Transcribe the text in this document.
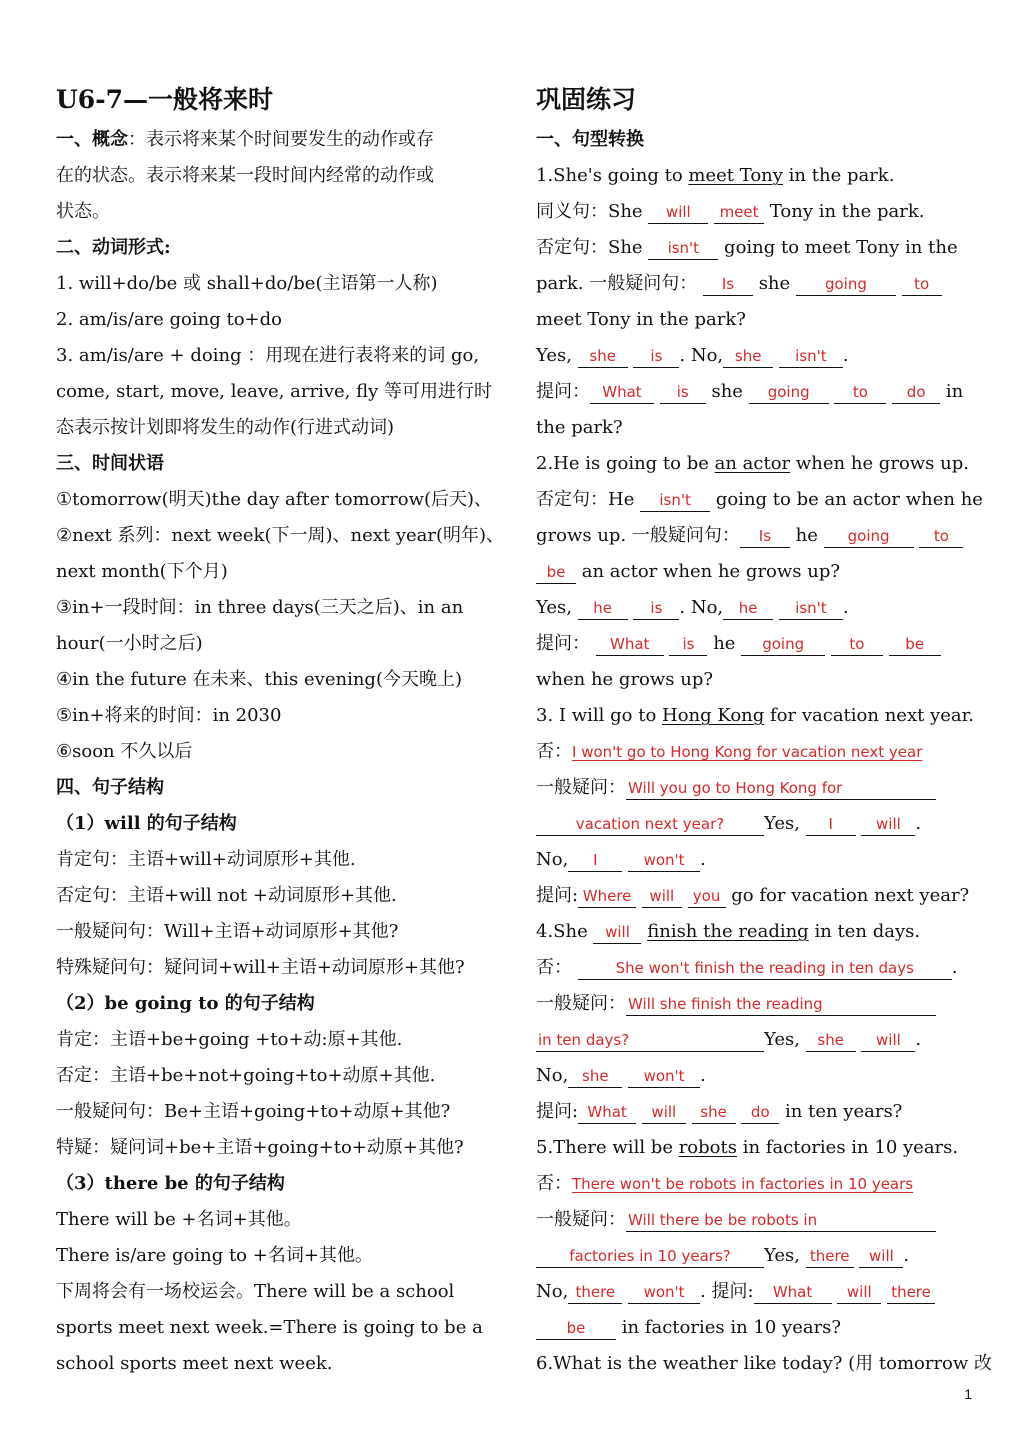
U6-7—一般将来时
一、概念：表示将来某个时间要发生的动作或存
在的状态。表示将来某一段时间内经常的动作或
状态。
二、动词形式:
1. will+do/be 或 shall+do/be(主语第一人称)
2. am/is/are going to+do
3. am/is/are + doing ：用现在进行表将来的词 go,
come, start, move, leave, arrive, fly 等可用进行时
态表示按计划即将发生的动作(行进式动词)
三、时间状语
①tomorrow(明天)the day after tomorrow(后天)、
②next 系列：next week(下一周)、next year(明年)、
next month(下个月)
③in+一段时间：in three days(三天之后)、in an
hour(一小时之后)
④in the future 在未来、this evening(今天晚上)
⑤in+将来的时间：in 2030
⑥soon 不久以后
四、句子结构
（1）will 的句子结构
肯定句：主语+will+动词原形+其他.
否定句：主语+will not +动词原形+其他.
一般疑问句：Will+主语+动词原形+其他?
特殊疑问句：疑问词+will+主语+动词原形+其他?
（2）be going to 的句子结构
肯定：主语+be+going +to+动:原+其他.
否定：主语+be+not+going+to+动原+其他.
一般疑问句：Be+主语+going+to+动原+其他?
特疑：疑问词+be+主语+going+to+动原+其他?
（3）there be 的句子结构
There will be +名词+其他。
There is/are going to +名词+其他。
下周将会有一场校运会。There will be a school
sports meet next week.=There is going to be a
school sports meet next week.
巩固练习
一、句型转换
1.She's going to meet Tony in the park.
同义句：She will meet Tony in the park.
否定句：She isn't going to meet Tony in the
park. 一般疑问句： Is she going	to
meet Tony in the park?
Yes, she is . No, she isn't .
提问： What is she going	to	do in
the park?
2.He is going to be an actor when he grows up.
否定句：He isn't going to be an actor when he
grows up. 一般疑问句： Is he going	to
be an actor when he grows up?
Yes, he	is . No, he	isn't .
提问： What is he going	to	be
when he grows up?
3. I will go to Hong Kong for vacation next year.
否：I won't go to Hong Kong for vacation next year
一般疑问： Will you go to Hong Kong for
vacation next year? Yes, I	will .
No, I	won't .
提问: Where will you go for vacation next year?
4.She will finish the reading in ten days.
否：	She won't finish the reading in ten days .
一般疑问： Will she finish the reading
in ten days?	Yes, she will .
No, she won't .
提问: What will she do in ten years?
5.There will be robots in factories in 10 years.
否：There won't be robots in factories in 10 years
一般疑问： Will there be be robots in
factories in 10 years? Yes, there will .
No, there won't . 提问: What will there
be in factories in 10 years?
6.What is the weather like today? (用 tomorrow 改
1
